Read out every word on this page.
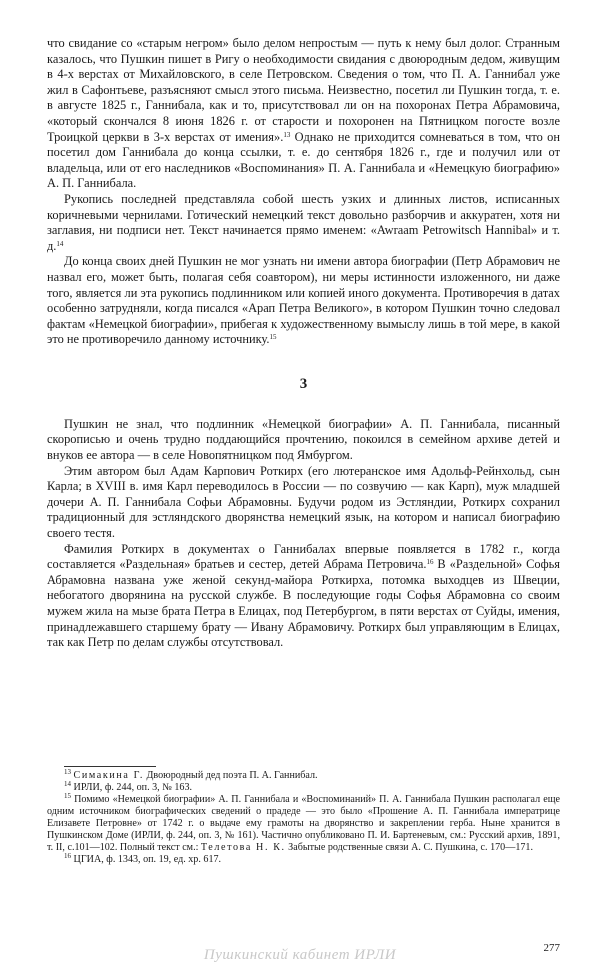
что свидание со «старым негром» было делом непростым — путь к нему был долог. Странным казалось, что Пушкин пишет в Ригу о необходимости свидания с двоюродным дедом, живущим в 4-х верстах от Михайловского, в селе Петровском. Сведения о том, что П. А. Ганнибал уже жил в Сафонтьеве, разъясняют смысл этого письма. Неизвестно, посетил ли Пушкин тогда, т. е. в августе 1825 г., Ганнибала, как и то, присутствовал ли он на похоронах Петра Абрамовича, «который скончался 8 июня 1826 г. от старости и похоронен на Пятницком погосте возле Троицкой церкви в 3-х верстах от имения».$^{13}$ Однако не приходится сомневаться в том, что он посетил дом Ганнибала до конца ссылки, т. е. до сентября 1826 г., где и получил или от владельца, или от его наследников «Воспоминания» П. А. Ганнибала и «Немецкую биографию» А. П. Ганнибала.

Рукопись последней представляла собой шесть узких и длинных листов, исписанных коричневыми чернилами. Готический немецкий текст довольно разборчив и аккуратен, хотя ни заглавия, ни подписи нет. Текст начинается прямо именем: «Awraam Petrowitsch Hannibal» и т. д.$^{14}$

До конца своих дней Пушкин не мог узнать ни имени автора биографии (Петр Абрамович не назвал его, может быть, полагая себя соавтором), ни меры истинности изложенного, ни даже того, является ли эта рукопись подлинником или копией иного документа. Противоречия в датах особенно затрудняли, когда писался «Арап Петра Великого», в котором Пушкин точно следовал фактам «Немецкой биографии», прибегая к художественному вымыслу лишь в той мере, в какой это не противоречило данному источнику.$^{15}$

3

Пушкин не знал, что подлинник «Немецкой биографии» А. П. Ганнибала, писанный скорописью и очень трудно поддающийся прочтению, покоился в семейном архиве детей и внуков ее автора — в селе Новопятницком под Ямбургом.

Этим автором был Адам Карпович Роткирх (его лютеранское имя Адольф-Рейнхольд, сын Карла; в XVIII в. имя Карл переводилось в России — по созвучию — как Карп), муж младшей дочери А. П. Ганнибала Софьи Абрамовны. Будучи родом из Эстляндии, Роткирх сохранил традиционный для эстляндского дворянства немецкий язык, на котором и написал биографию своего тестя.

Фамилия Роткирх в документах о Ганнибалах впервые появляется в 1782 г., когда составляется «Раздельная» братьев и сестер, детей Абрама Петровича.$^{16}$ В «Раздельной» Софья Абрамовна названа уже женой секунд-майора Роткирха, потомка выходцев из Швеции, небогатого дворянина на русской службе. В последующие годы Софья Абрамовна со своим мужем жила на мызе брата Петра в Елицах, под Петербургом, в пяти верстах от Суйды, имения, принадлежавшего старшему брату — Ивану Абрамовичу. Роткирх был управляющим в Елицах, так как Петр по делам службы отсутствовал.

$^{13}$ Симакина Г. Двоюродный дед поэта П. А. Ганнибал.

$^{14}$ ИРЛИ, ф. 244, оп. 3, № 163.

$^{15}$ Помимо «Немецкой биографии» А. П. Ганнибала и «Воспоминаний» П. А. Ганнибала Пушкин располагал еще одним источником биографических сведений о прадеде — это было «Прошение А. П. Ганнибала императрице Елизавете Петровне» от 1742 г. о выдаче ему грамоты на дворянство и закреплении герба. Ныне хранится в Пушкинском Доме (ИРЛИ, ф. 244, оп. 3, № 161). Частично опубликовано П. И. Бартеневым, см.: Русский архив, 1891, т. II, с.101—102. Полный текст см.: Телетова Н. К. Забытые родственные связи А. С. Пушкина, с. 170—171.

$^{16}$ ЦГИА, ф. 1343, оп. 19, ед. хр. 617.

277
Пушкинский кабинет ИРЛИ
